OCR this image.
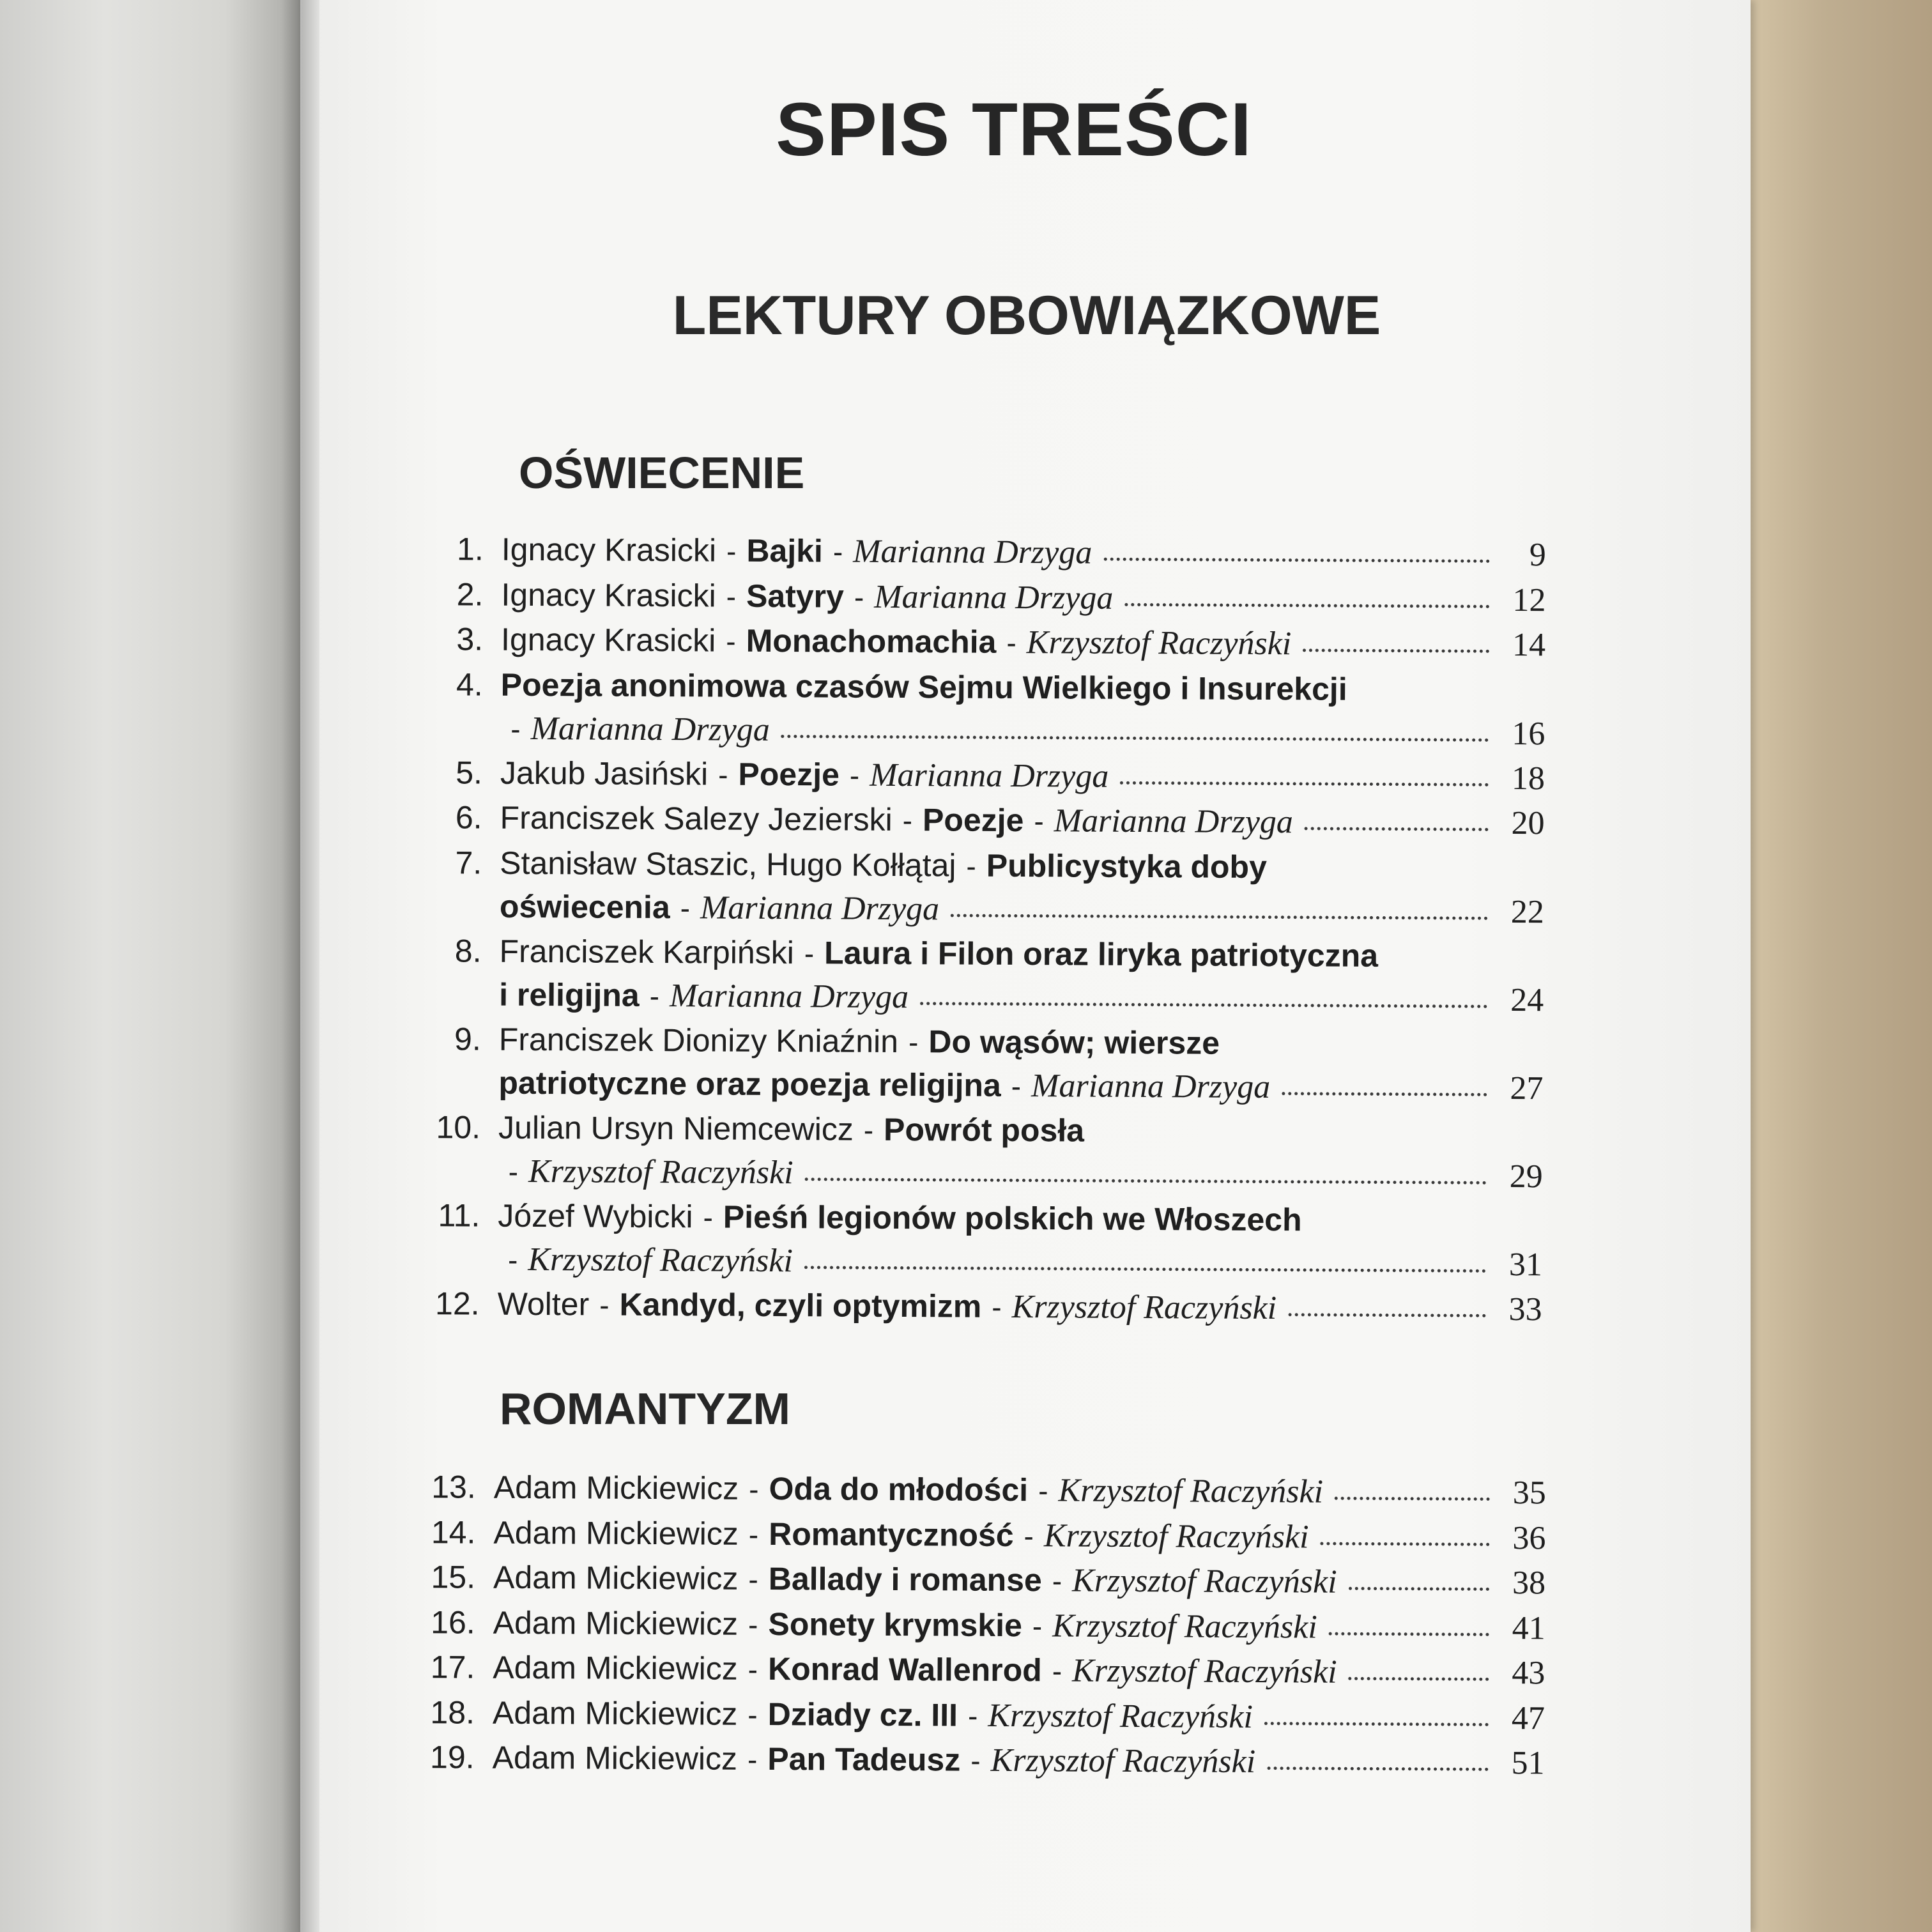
SPIS TREŚCI
LEKTURY OBOWIĄZKOWE
OŚWIECENIE
1. Ignacy Krasicki - Bajki - Marianna Drzyga	9
2. Ignacy Krasicki - Satyry - Marianna Drzyga	12
3. Ignacy Krasicki - Monachomachia - Krzysztof Raczyński	14
4. Poezja anonimowa czasów Sejmu Wielkiego i Insurekcji
- Marianna Drzyga	16
5. Jakub Jasiński - Poezje - Marianna Drzyga	18
6. Franciszek Salezy Jezierski - Poezje - Marianna Drzyga	20
7. Stanisław Staszic, Hugo Kołłątaj - Publicystyka doby
oświecenia - Marianna Drzyga	22
8. Franciszek Karpiński - Laura i Filon oraz liryka patriotyczna
i religijna - Marianna Drzyga	24
9. Franciszek Dionizy Kniaźnin - Do wąsów; wiersze
patriotyczne oraz poezja religijna - Marianna Drzyga	27
10. Julian Ursyn Niemcewicz - Powrót posła
- Krzysztof Raczyński	29
11. Józef Wybicki - Pieśń legionów polskich we Włoszech
- Krzysztof Raczyński	31
12. Wolter - Kandyd, czyli optymizm - Krzysztof Raczyński	33
ROMANTYZM
13. Adam Mickiewicz - Oda do młodości - Krzysztof Raczyński	35
14. Adam Mickiewicz - Romantyczność - Krzysztof Raczyński	36
15. Adam Mickiewicz - Ballady i romanse - Krzysztof Raczyński	38
16. Adam Mickiewicz - Sonety krymskie - Krzysztof Raczyński	41
17. Adam Mickiewicz - Konrad Wallenrod - Krzysztof Raczyński	43
18. Adam Mickiewicz - Dziady cz. III - Krzysztof Raczyński	47
19. Adam Mickiewicz - Pan Tadeusz - Krzysztof Raczyński	51
